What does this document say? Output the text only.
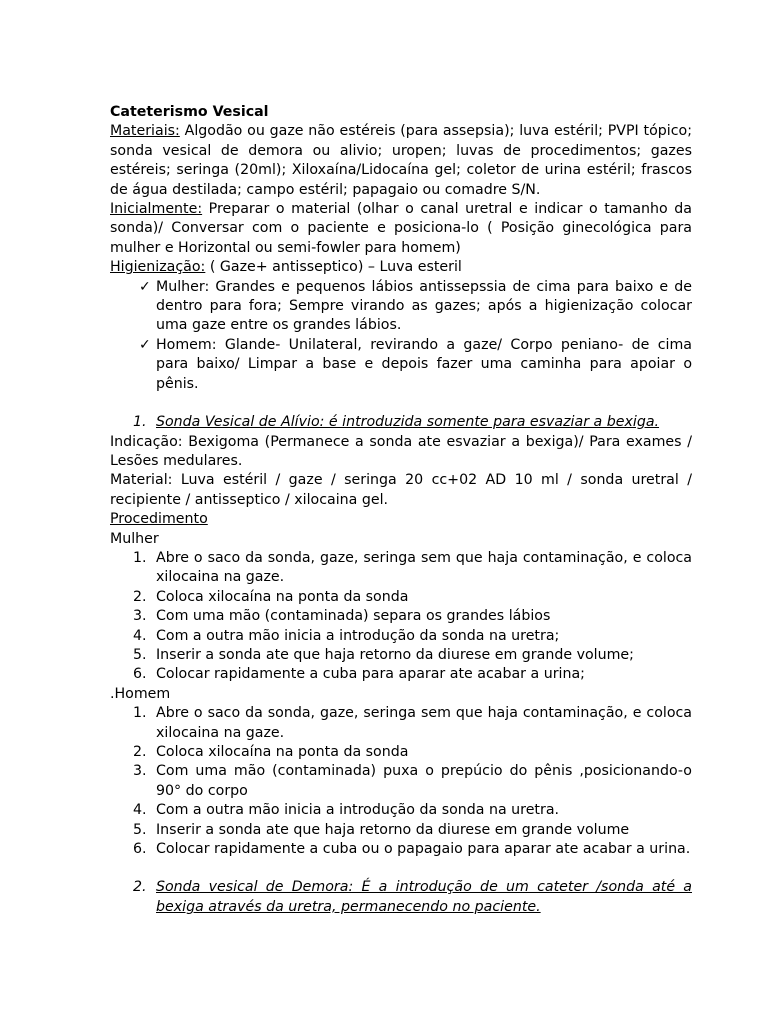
Cateterismo Vesical
Materiais: Algodão ou gaze não estéreis (para assepsia); luva estéril; PVPI tópico; sonda vesical de demora ou alivio; uropen; luvas de procedimentos; gazes estéreis; seringa (20ml); Xiloxaína/Lidocaína gel; coletor de urina estéril; frascos de água destilada; campo estéril; papagaio ou comadre S/N.
Inicialmente: Preparar o material (olhar o canal uretral e indicar o tamanho da sonda)/ Conversar com o paciente e posiciona-lo ( Posição ginecológica para mulher e Horizontal ou semi-fowler para homem)
Higienização: ( Gaze+ antisseptico) – Luva esteril
✓ Mulher: Grandes e pequenos lábios antissepssia de cima para baixo e de dentro para fora; Sempre virando as gazes; após a higienização colocar uma gaze entre os grandes lábios.
✓ Homem: Glande- Unilateral, revirando a gaze/ Corpo peniano- de cima para baixo/ Limpar a base e depois fazer uma caminha para apoiar o pênis.
1. Sonda Vesical de Alívio: é introduzida somente para esvaziar a bexiga.
Indicação: Bexigoma (Permanece a sonda ate esvaziar a bexiga)/ Para exames / Lesões medulares.
Material: Luva estéril / gaze / seringa 20 cc+02 AD 10 ml / sonda uretral / recipiente / antisseptico / xilocaina gel.
Procedimento
Mulher
1. Abre o saco da sonda, gaze, seringa sem que haja contaminação, e coloca xilocaina na gaze.
2. Coloca xilocaína na ponta da sonda
3. Com uma mão (contaminada) separa os grandes lábios
4. Com a outra mão inicia a introdução da sonda na uretra;
5. Inserir a sonda ate que haja retorno da diurese em grande volume;
6. Colocar rapidamente a cuba para aparar ate acabar a urina;
.Homem
1. Abre o saco da sonda, gaze, seringa sem que haja contaminação, e coloca xilocaina na gaze.
2. Coloca xilocaína na ponta da sonda
3. Com uma mão (contaminada) puxa o prepúcio do pênis ,posicionando-o 90° do corpo
4. Com a outra mão inicia a introdução da sonda na uretra.
5. Inserir a sonda ate que haja retorno da diurese em grande volume
6. Colocar rapidamente a cuba ou o papagaio para aparar ate acabar a urina.
2. Sonda vesical de Demora: É a introdução de um cateter /sonda até a bexiga através da uretra, permanecendo no paciente.
